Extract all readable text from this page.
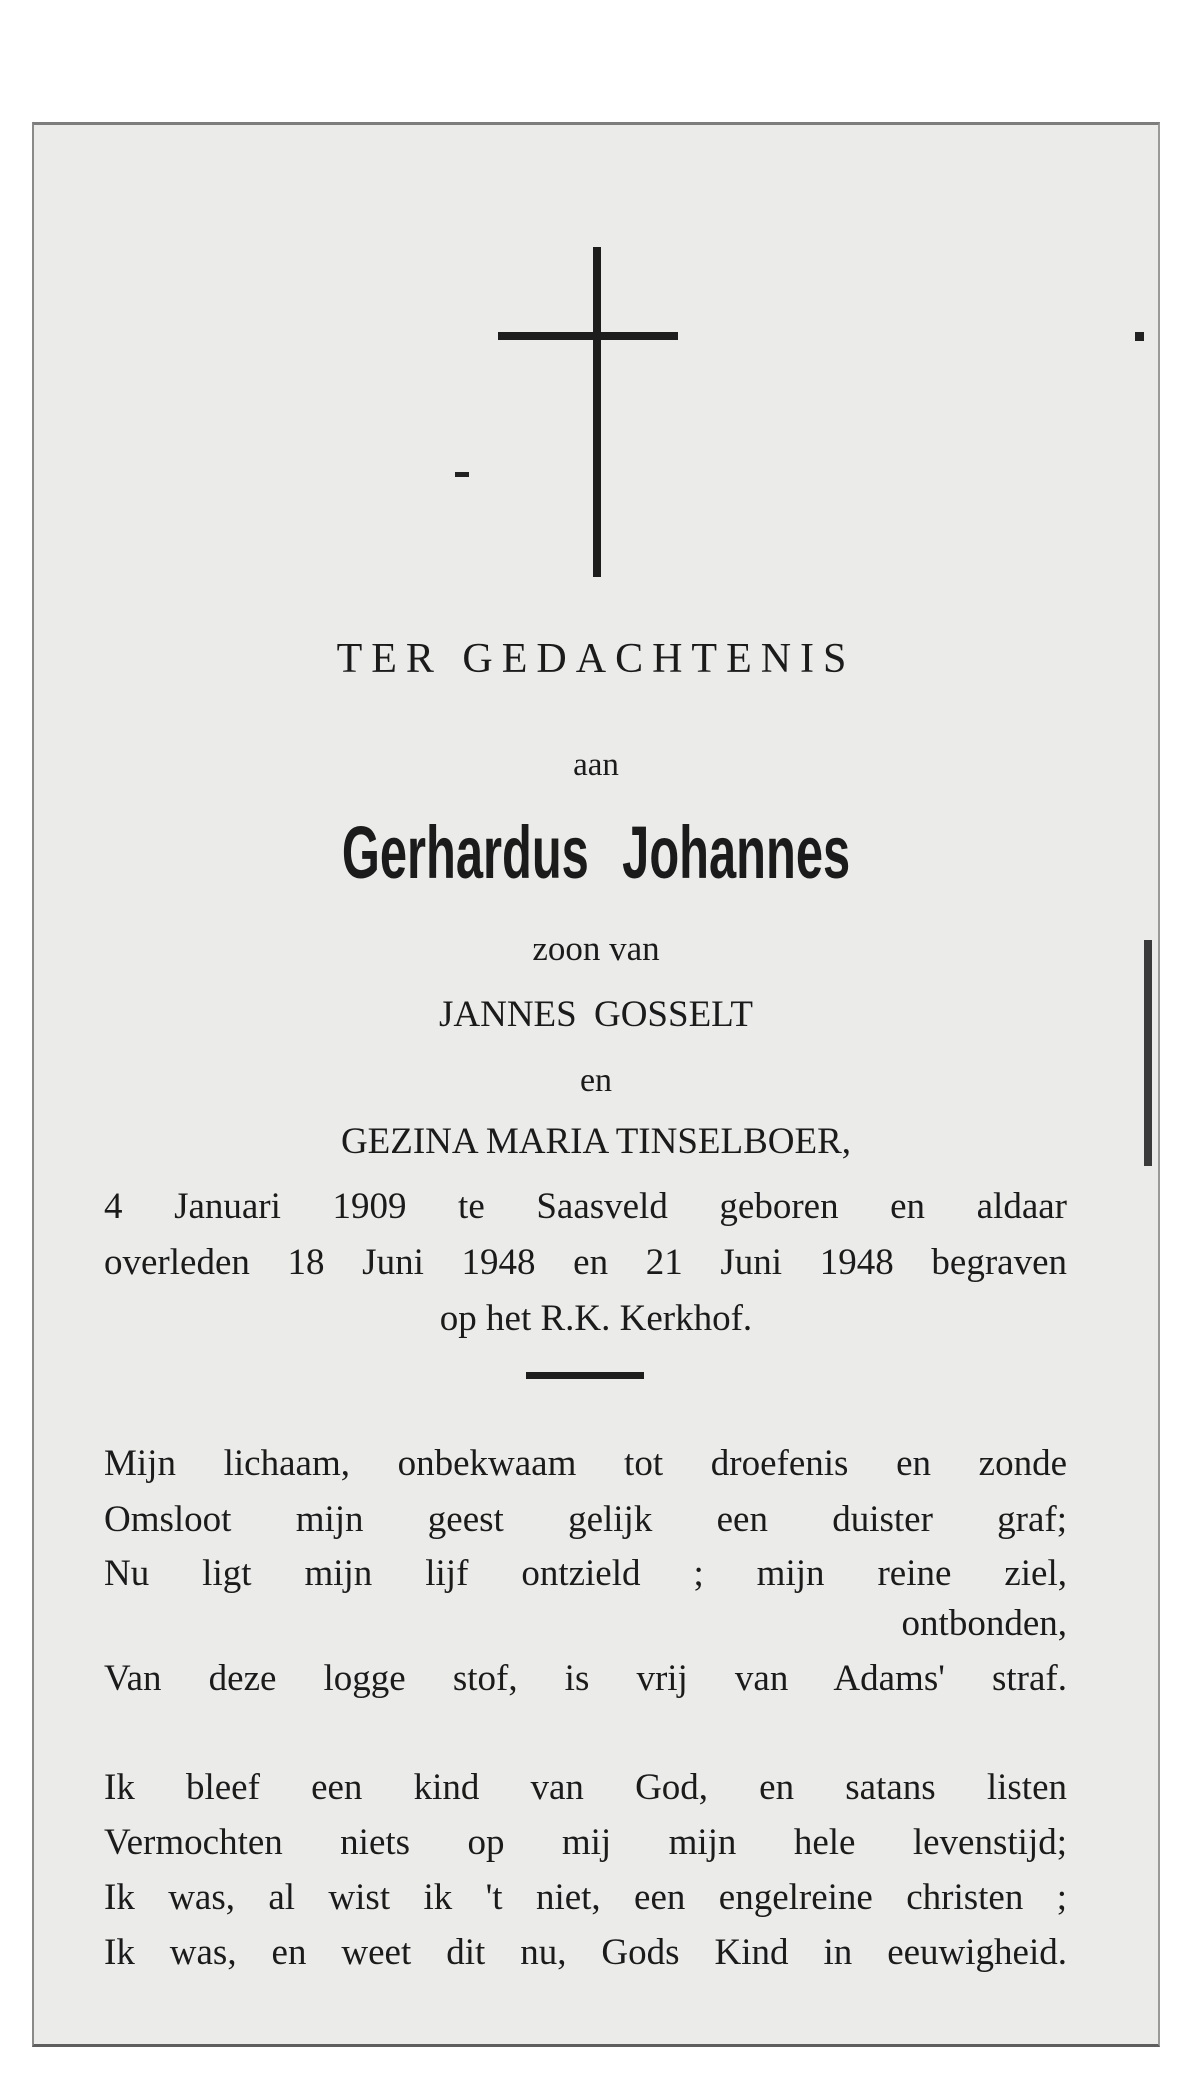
TER GEDACHTENIS
aan
Gerhardus Johannes
zoon van
JANNES GOSSELT
en
GEZINA MARIA TINSELBOER,
4 Januari 1909 te Saasveld geboren en aldaar
overleden 18 Juni 1948 en 21 Juni 1948 begraven
op het R.K. Kerkhof.
Mijn lichaam, onbekwaam tot droefenis en zonde
Omsloot mijn geest gelijk een duister graf;
Nu ligt mijn lijf ontzield ; mijn reine ziel,
ontbonden,
Van deze logge stof, is vrij van Adams' straf.
Ik bleef een kind van God, en satans listen
Vermochten niets op mij mijn hele levenstijd;
Ik was, al wist ik 't niet, een engelreine christen ;
Ik was, en weet dit nu, Gods Kind in eeuwigheid.
